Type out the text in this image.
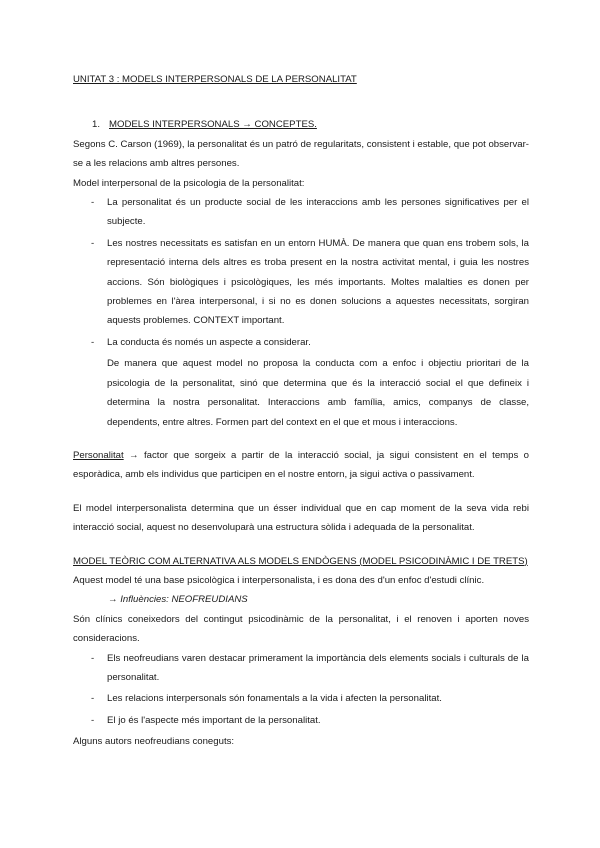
UNITAT 3 : MODELS INTERPERSONALS DE LA PERSONALITAT

1. MODELS INTERPERSONALS → CONCEPTES.

Segons C. Carson (1969), la personalitat és un patró de regularitats, consistent i estable, que pot observar-se a les relacions amb altres persones.

Model interpersonal de la psicologia de la personalitat:

- La personalitat és un producte social de les interaccions amb les persones significatives per el subjecte.
- Les nostres necessitats es satisfan en un entorn HUMÀ. De manera que quan ens trobem sols, la representació interna dels altres es troba present en la nostra activitat mental, i guia les nostres accions. Són biològiques i psicològiques, les més importants. Moltes malalties es donen per problemes en l'àrea interpersonal, i si no es donen solucions a aquestes necessitats, sorgiran aquests problemes. CONTEXT important.
- La conducta és només un aspecte a considerar.

De manera que aquest model no proposa la conducta com a enfoc i objectiu prioritari de la psicologia de la personalitat, sinó que determina que és la interacció social el que defineix i determina la nostra personalitat. Interaccions amb família, amics, companys de classe, dependents, entre altres. Formen part del context en el que et mous i interaccions.

Personalitat → factor que sorgeix a partir de la interacció social, ja sigui consistent en el temps o esporàdica, amb els individus que participen en el nostre entorn, ja sigui activa o passivament.

El model interpersonalista determina que un ésser individual que en cap moment de la seva vida rebi interacció social, aquest no desenvoluparà una estructura sòlida i adequada de la personalitat.

MODEL TEÒRIC COM ALTERNATIVA ALS MODELS ENDÒGENS (MODEL PSICODINÀMIC I DE TRETS)

Aquest model té una base psicològica i interpersonalista, i es dona des d'un enfoc d'estudi clínic.

→ Influències: NEOFREUDIANS

Són clínics coneixedors del contingut psicodinàmic de la personalitat, i el renoven i aporten noves consideracions.

- Els neofreudians varen destacar primerament la importància dels elements socials i culturals de la personalitat.
- Les relacions interpersonals són fonamentals a la vida i afecten la personalitat.
- El jo és l'aspecte més important de la personalitat.

Alguns autors neofreudians coneguts:
